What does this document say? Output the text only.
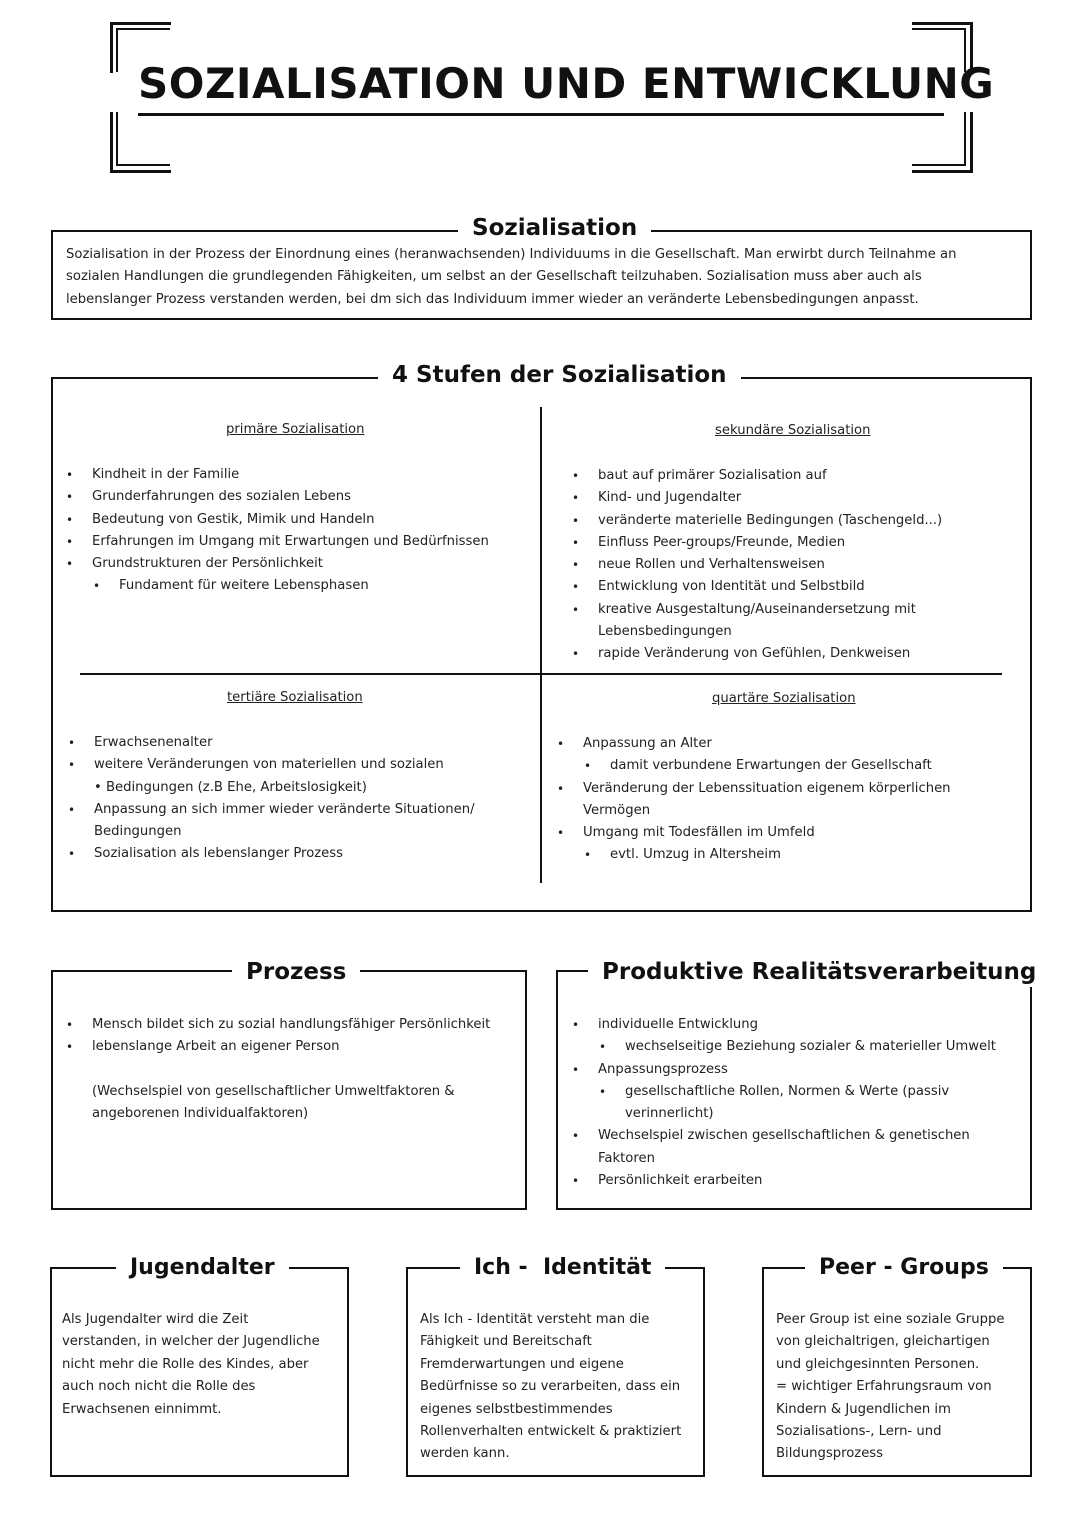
SOZIALISATION UND ENTWICKLUNG
Sozialisation
Sozialisation in der Prozess der Einordnung eines (heranwachsenden) Individuums in die Gesellschaft. Man erwirbt durch Teilnahme an
sozialen Handlungen die grundlegenden Fähigkeiten, um selbst an der Gesellschaft teilzuhaben. Sozialisation muss aber auch als
lebenslanger Prozess verstanden werden, bei dm sich das Individuum immer wieder an veränderte Lebensbedingungen anpasst.
4 Stufen der Sozialisation
primäre Sozialisation
• Kindheit in der Familie
• Grunderfahrungen des sozialen Lebens
• Bedeutung von Gestik, Mimik und Handeln
• Erfahrungen im Umgang mit Erwartungen und Bedürfnissen
• Grundstrukturen der Persönlichkeit
• Fundament für weitere Lebensphasen
sekundäre Sozialisation
• baut auf primärer Sozialisation auf
• Kind- und Jugendalter
• veränderte materielle Bedingungen (Taschengeld...)
• Einfluss Peer-groups/Freunde, Medien
• neue Rollen und Verhaltensweisen
• Entwicklung von Identität und Selbstbild
• kreative Ausgestaltung/Auseinandersetzung mit Lebensbedingungen
• rapide Veränderung von Gefühlen, Denkweisen
tertiäre Sozialisation
• Erwachsenenalter
• weitere Veränderungen von materiellen und sozialen • Bedingungen (z.B Ehe, Arbeitslosigkeit)
• Anpassung an sich immer wieder veränderte Situationen/ Bedingungen
• Sozialisation als lebenslanger Prozess
quartäre Sozialisation
• Anpassung an Alter
• damit verbundene Erwartungen der Gesellschaft
• Veränderung der Lebenssituation eigenem körperlichen Vermögen
• Umgang mit Todesfällen im Umfeld
• evtl. Umzug in Altersheim
Prozess
• Mensch bildet sich zu sozial handlungsfähiger Persönlichkeit
• lebenslange Arbeit an eigener Person
(Wechselspiel von gesellschaftlicher Umweltfaktoren & angeborenen Individualfaktoren)
Produktive Realitätsverarbeitung
• individuelle Entwicklung
• wechselseitige Beziehung sozialer & materieller Umwelt
• Anpassungsprozess
• gesellschaftliche Rollen, Normen & Werte (passiv verinnerlicht)
• Wechselspiel zwischen gesellschaftlichen & genetischen Faktoren
• Persönlichkeit erarbeiten
Jugendalter
Als Jugendalter wird die Zeit
verstanden, in welcher der Jugendliche
nicht mehr die Rolle des Kindes, aber
auch noch nicht die Rolle des
Erwachsenen einnimmt.
Ich -  Identität
Als Ich - Identität versteht man die
Fähigkeit und Bereitschaft
Fremderwartungen und eigene
Bedürfnisse so zu verarbeiten, dass ein
eigenes selbstbestimmendes
Rollenverhalten entwickelt & praktiziert
werden kann.
Peer - Groups
Peer Group ist eine soziale Gruppe
von gleichaltrigen, gleichartigen
und gleichgesinnten Personen.
= wichtiger Erfahrungsraum von
Kindern & Jugendlichen im
Sozialisations-, Lern- und
Bildungsprozess
